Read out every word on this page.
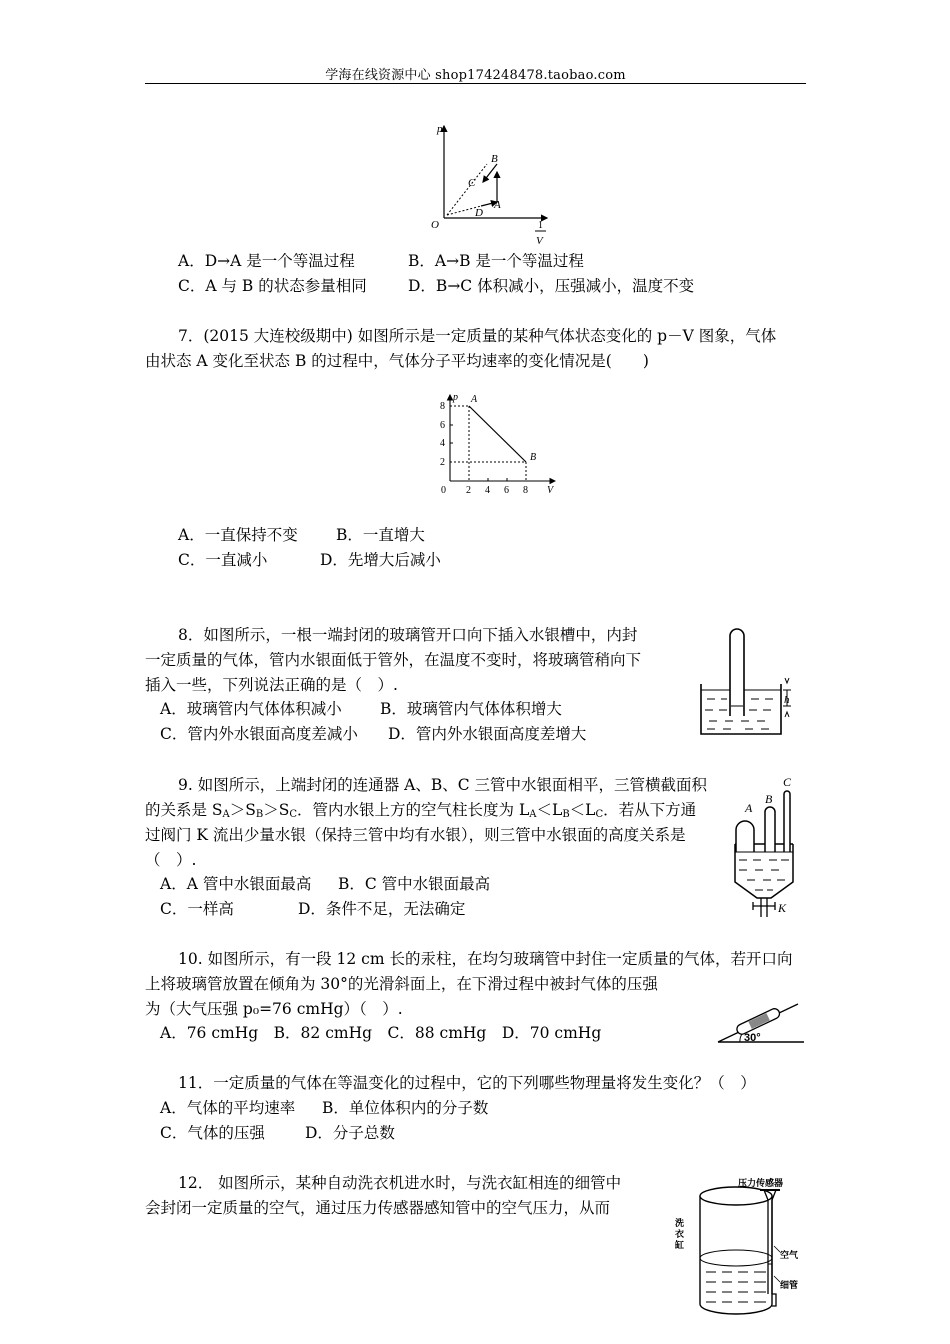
学海在线资源中心 shop174248478.taobao.com
p
O
B
C
A
D
1
V
A．D→A 是一个等温过程	B．A→B 是一个等温过程
C．A 与 B 的状态参量相同	D．B→C 体积减小，压强减小，温度不变
7．(2015 大连校级期中) 如图所示是一定质量的某种气体状态变化的 p－V 图象，气体
由状态 A 变化至状态 B 的过程中，气体分子平均速率的变化情况是(　　)
p
8
6
4
2
0 2 4 6 8 V
A
B
A．一直保持不变 B．一直增大
C．一直减小	D．先增大后减小
8．如图所示，一根一端封闭的玻璃管开口向下插入水银槽中，内封
一定质量的气体，管内水银面低于管外，在温度不变时，将玻璃管稍向下
插入一些，下列说法正确的是（　）.
A．玻璃管内气体体积减小 B．玻璃管内气体体积增大
C．管内外水银面高度差减小 D．管内外水银面高度差增大
h
9. 如图所示，上端封闭的连通器 A、B、C 三管中水银面相平，三管横截面积
的关系是 $S_A>S_B>S_C$．管内水银上方的空气柱长度为 $L_A<L_B<L_C$．若从下方通
过阀门 K 流出少量水银（保持三管中均有水银），则三管中水银面的高度关系是
（　）.
A．A 管中水银面最高 B．C 管中水银面最高
C．一样高	D．条件不足，无法确定
A
B
C
K
10. 如图所示，有一段 12 cm 长的汞柱，在均匀玻璃管中封住一定质量的气体，若开口向
上将玻璃管放置在倾角为 30°的光滑斜面上，在下滑过程中被封气体的压强
为（大气压强 p₀=76 cmHg）（　）.
A．76 cmHg　B．82 cmHg　C．88 cmHg　D．70 cmHg	30°
11．一定质量的气体在等温变化的过程中，它的下列哪些物理量将发生变化？（　）
A．气体的平均速率 B．单位体积内的分子数
C．气体的压强	D．分子总数
12． 如图所示，某种自动洗衣机进水时，与洗衣缸相连的细管中
会封闭一定质量的空气，通过压力传感器感知管中的空气压力，从而
压力传感器
洗衣缸
空气
细管
